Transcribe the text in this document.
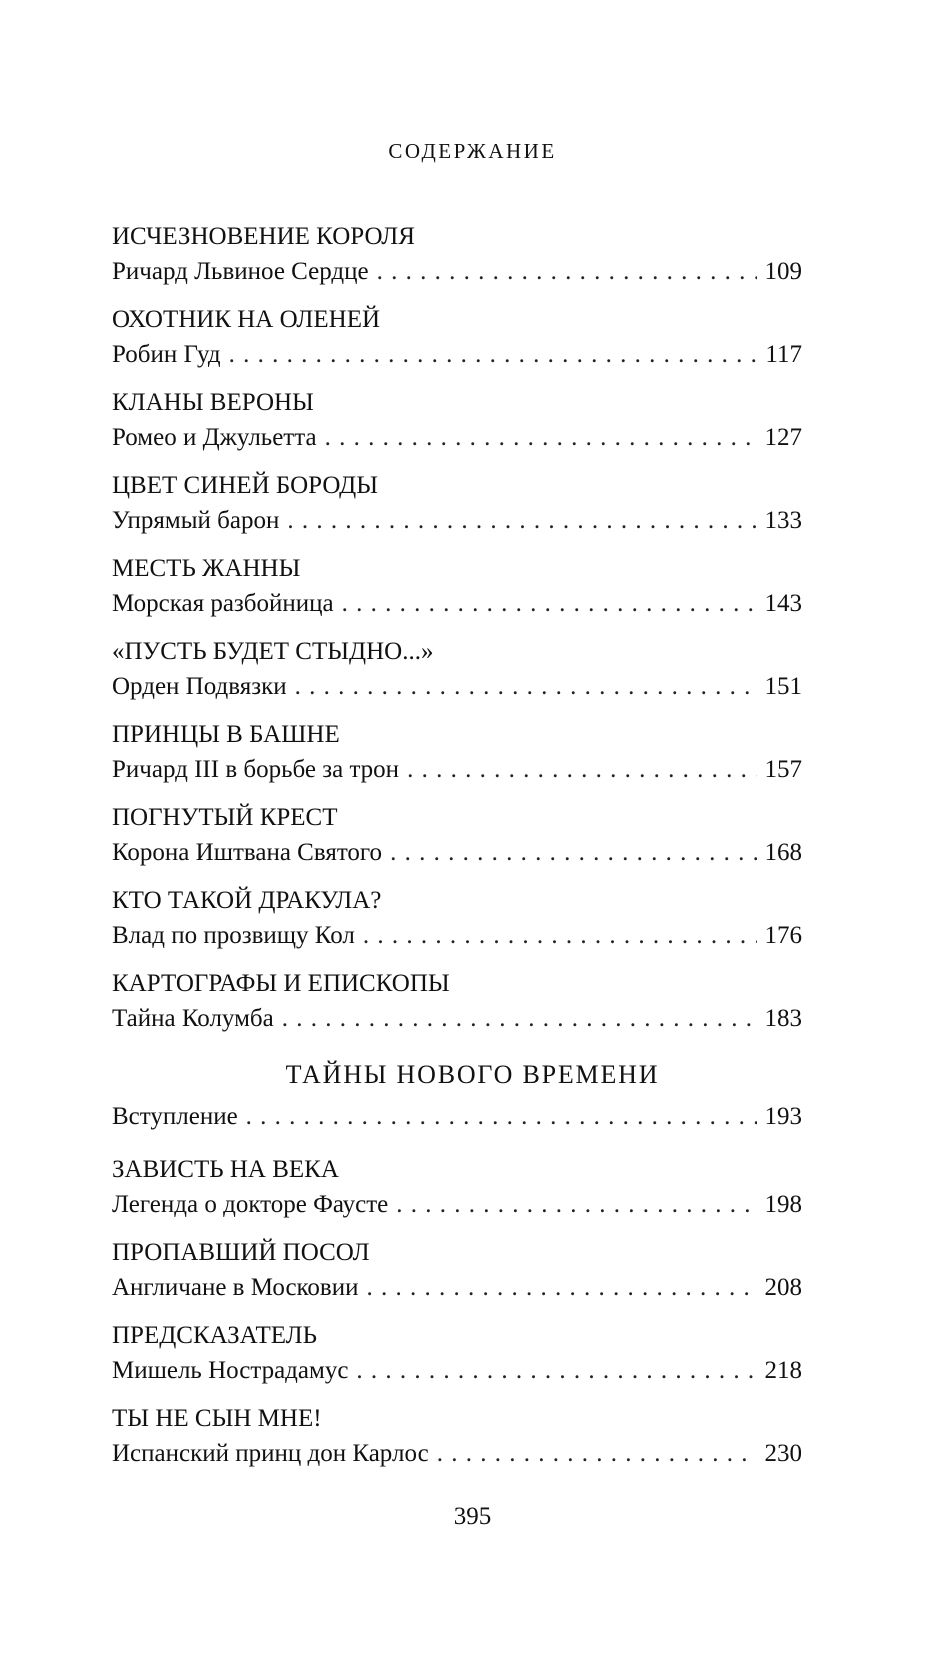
СОДЕРЖАНИЕ
ИСЧЕЗНОВЕНИЕ КОРОЛЯ
Ричард Львиное Сердце . . .	109
ОХОТНИК НА ОЛЕНЕЙ
Робин Гуд . . .	117
КЛАНЫ ВЕРОНЫ
Ромео и Джульетта . . .	127
ЦВЕТ СИНЕЙ БОРОДЫ
Упрямый барон . . .	133
МЕСТЬ ЖАННЫ
Морская разбойница . . .	143
«ПУСТЬ БУДЕТ СТЫДНО...»
Орден Подвязки . . .	151
ПРИНЦЫ В БАШНЕ
Ричард III в борьбе за трон . . .	157
ПОГНУТЫЙ КРЕСТ
Корона Иштвана Святого . . .	168
КТО ТАКОЙ ДРАКУЛА?
Влад по прозвищу Кол . . .	176
КАРТОГРАФЫ И ЕПИСКОПЫ
Тайна Колумба . . .	183
ТАЙНЫ НОВОГО ВРЕМЕНИ
Вступление . . .	193
ЗАВИСТЬ НА ВЕКА
Легенда о докторе Фаусте . . .	198
ПРОПАВШИЙ ПОСОЛ
Англичане в Московии . . .	208
ПРЕДСКАЗАТЕЛЬ
Мишель Нострадамус . . .	218
ТЫ НЕ СЫН МНЕ!
Испанский принц дон Карлос . . .	230
395
